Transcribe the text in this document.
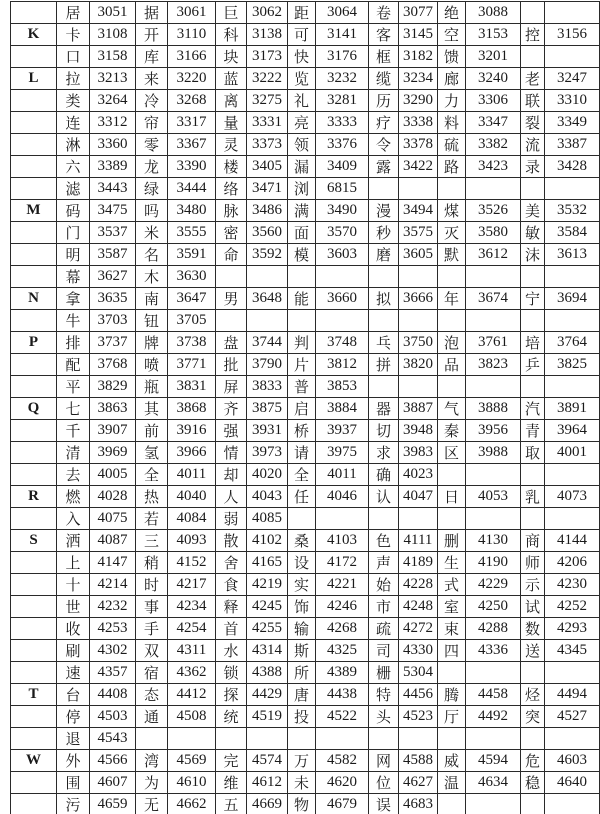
	居	3051	据	3061	巨	3062	距	3064	卷	3077	绝	3088		
K	卡	3108	开	3110	科	3138	可	3141	客	3145	空	3153	控	3156
	口	3158	库	3166	块	3173	快	3176	框	3182	馈	3201		
L	拉	3213	来	3220	蓝	3222	览	3232	缆	3234	廊	3240	老	3247
	类	3264	冷	3268	离	3275	礼	3281	历	3290	力	3306	联	3310
	连	3312	帘	3317	量	3331	亮	3333	疗	3338	料	3347	裂	3349
	淋	3360	零	3367	灵	3373	领	3376	令	3378	硫	3382	流	3387
	六	3389	龙	3390	楼	3405	漏	3409	露	3422	路	3423	录	3428
	滤	3443	绿	3444	络	3471	浏	6815						
M	码	3475	吗	3480	脉	3486	满	3490	漫	3494	煤	3526	美	3532
	门	3537	米	3555	密	3560	面	3570	秒	3575	灭	3580	敏	3584
	明	3587	名	3591	命	3592	模	3603	磨	3605	默	3612	沫	3613
	幕	3627	木	3630										
N	拿	3635	南	3647	男	3648	能	3660	拟	3666	年	3674	宁	3694
	牛	3703	钮	3705										
P	排	3737	牌	3738	盘	3744	判	3748	乓	3750	泡	3761	培	3764
	配	3768	喷	3771	批	3790	片	3812	拼	3820	品	3823	乒	3825
	平	3829	瓶	3831	屏	3833	普	3853						
Q	七	3863	其	3868	齐	3875	启	3884	器	3887	气	3888	汽	3891
	千	3907	前	3916	强	3931	桥	3937	切	3948	秦	3956	青	3964
	清	3969	氢	3966	情	3973	请	3975	求	3983	区	3988	取	4001
	去	4005	全	4011	却	4020	全	4011	确	4023				
R	燃	4028	热	4040	人	4043	任	4046	认	4047	日	4053	乳	4073
	入	4075	若	4084	弱	4085								
S	洒	4087	三	4093	散	4102	桑	4103	色	4111	删	4130	商	4144
	上	4147	稍	4152	舍	4165	设	4172	声	4189	生	4190	师	4206
	十	4214	时	4217	食	4219	实	4221	始	4228	式	4229	示	4230
	世	4232	事	4234	释	4245	饰	4246	市	4248	室	4250	试	4252
	收	4253	手	4254	首	4255	输	4268	疏	4272	束	4288	数	4293
	刷	4302	双	4311	水	4314	斯	4325	司	4330	四	4336	送	4345
	速	4357	宿	4362	锁	4388	所	4389	栅	5304				
T	台	4408	态	4412	探	4429	唐	4438	特	4456	腾	4458	烃	4494
	停	4503	通	4508	统	4519	投	4522	头	4523	厅	4492	突	4527
	退	4543												
W	外	4566	湾	4569	完	4574	万	4582	网	4588	威	4594	危	4603
	围	4607	为	4610	维	4612	未	4620	位	4627	温	4634	稳	4640
	污	4659	无	4662	五	4669	物	4679	误	4683				
